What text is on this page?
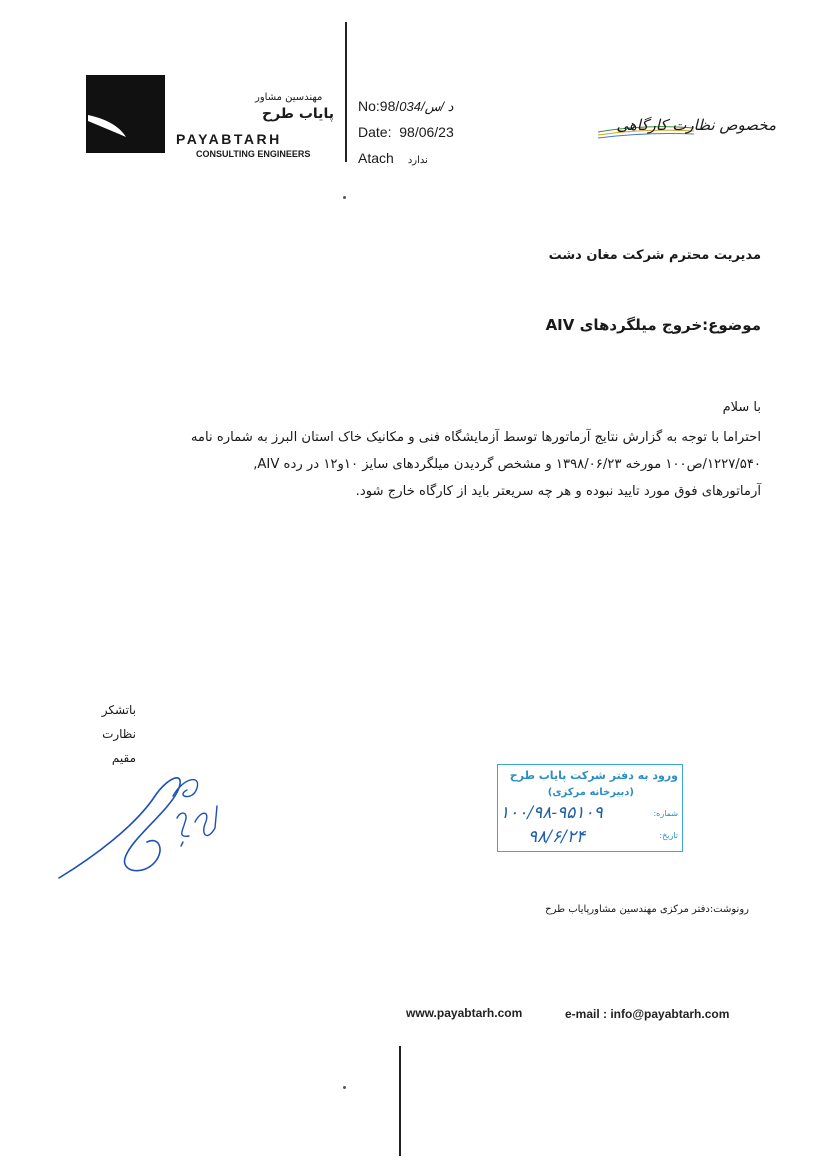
مهندسین مشاور
پایاب طرح
PAYABTARH
CONSULTING ENGINEERS
No:98/د /س/034
Date: 98/06/23
Atach ندارد
مخصوص نظارت کارگاهی
مدیریت محترم شرکت مغان دشت
موضوع:خروج میلگردهای AIV
با سلام

احتراما با توجه به گزارش نتایج آرماتورها توسط آزمایشگاه فنی و مکانیک خاک استان البرز به شماره نامه

۱۲۲۷/۵۴۰/ص۱۰۰ مورخه ۱۳۹۸/۰۶/۲۳ و مشخص گردیدن میلگردهای سایز ۱۰و۱۲ در رده AIV,

آرماتورهای فوق مورد تایید نبوده و هر چه سریعتر باید از کارگاه خارج شود.

باتشکر
نظارت
مقیم
ورود به دفتر شرکت پایاب طرح
(دبیرخانه مرکزی)
شماره:
تاریخ:
۱۰۰/۹۸-۹۵۱۰۹
۹۸/۶/۲۴
رونوشت:دفتر مرکزی مهندسین مشاورپایاب طرح
www.payabtarh.com	e-mail : info@payabtarh.com
